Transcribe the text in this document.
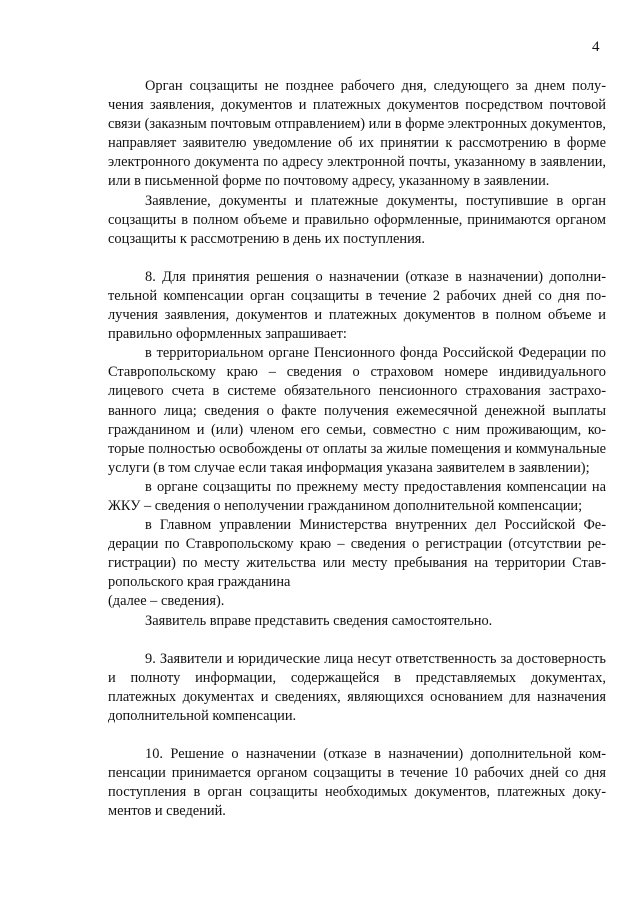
4

Орган соцзащиты не позднее рабочего дня, следующего за днем получения заявления, документов и платежных документов посредством почтовой связи (заказным почтовым отправлением) или в форме электронных документов, направляет заявителю уведомление об их принятии к рассмотрению в форме электронного документа по адресу электронной почты, указанному в заявлении, или в письменной форме по почтовому адресу, указанному в заявлении.

Заявление, документы и платежные документы, поступившие в орган соцзащиты в полном объеме и правильно оформленные, принимаются органом соцзащиты к рассмотрению в день их поступления.

8. Для принятия решения о назначении (отказе в назначении) дополнительной компенсации орган соцзащиты в течение 2 рабочих дней со дня получения заявления, документов и платежных документов в полном объеме и правильно оформленных запрашивает:

в территориальном органе Пенсионного фонда Российской Федерации по Ставропольскому краю – сведения о страховом номере индивидуального лицевого счета в системе обязательного пенсионного страхования застрахованного лица; сведения о факте получения ежемесячной денежной выплаты гражданином и (или) членом его семьи, совместно с ним проживающим, которые полностью освобождены от оплаты за жилые помещения и коммунальные услуги (в том случае если такая информация указана заявителем в заявлении);

в органе соцзащиты по прежнему месту предоставления компенсации на ЖКУ – сведения о неполучении гражданином дополнительной компенсации;

в Главном управлении Министерства внутренних дел Российской Федерации по Ставропольскому краю – сведения о регистрации (отсутствии регистрации) по месту жительства или месту пребывания на территории Ставропольского края гражданина

(далее – сведения).

Заявитель вправе представить сведения самостоятельно.

9. Заявители и юридические лица несут ответственность за достоверность и полноту информации, содержащейся в представляемых документах, платежных документах и сведениях, являющихся основанием для назначения дополнительной компенсации.

10. Решение о назначении (отказе в назначении) дополнительной компенсации принимается органом соцзащиты в течение 10 рабочих дней со дня поступления в орган соцзащиты необходимых документов, платежных документов и сведений.
